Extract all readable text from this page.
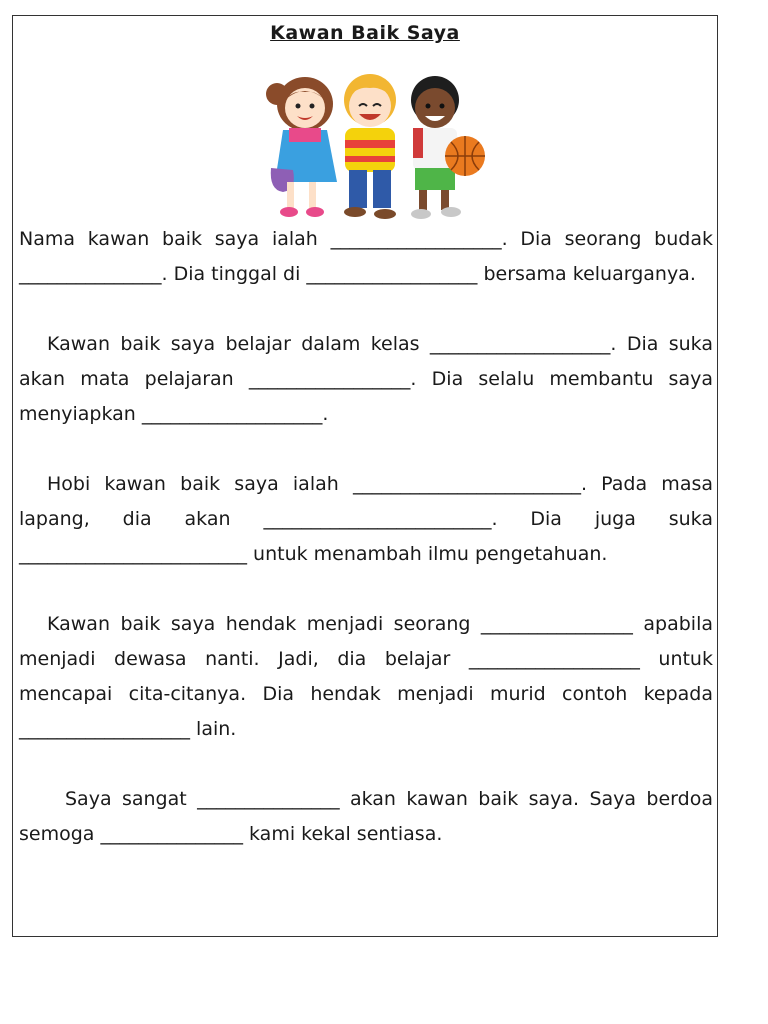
Kawan Baik Saya

Nama kawan baik saya ialah __________________. Dia seorang budak _______________. Dia tinggal di __________________ bersama keluarganya.

Kawan baik saya belajar dalam kelas ___________________. Dia suka akan mata pelajaran _________________. Dia selalu membantu saya menyiapkan ___________________.

Hobi kawan baik saya ialah ________________________. Pada masa lapang, dia akan ________________________. Dia juga suka ________________________ untuk menambah ilmu pengetahuan.

Kawan baik saya hendak menjadi seorang ________________ apabila menjadi dewasa nanti. Jadi, dia belajar __________________ untuk mencapai cita-citanya. Dia hendak menjadi murid contoh kepada __________________ lain.

Saya sangat _______________ akan kawan baik saya. Saya berdoa semoga _______________ kami kekal sentiasa.
